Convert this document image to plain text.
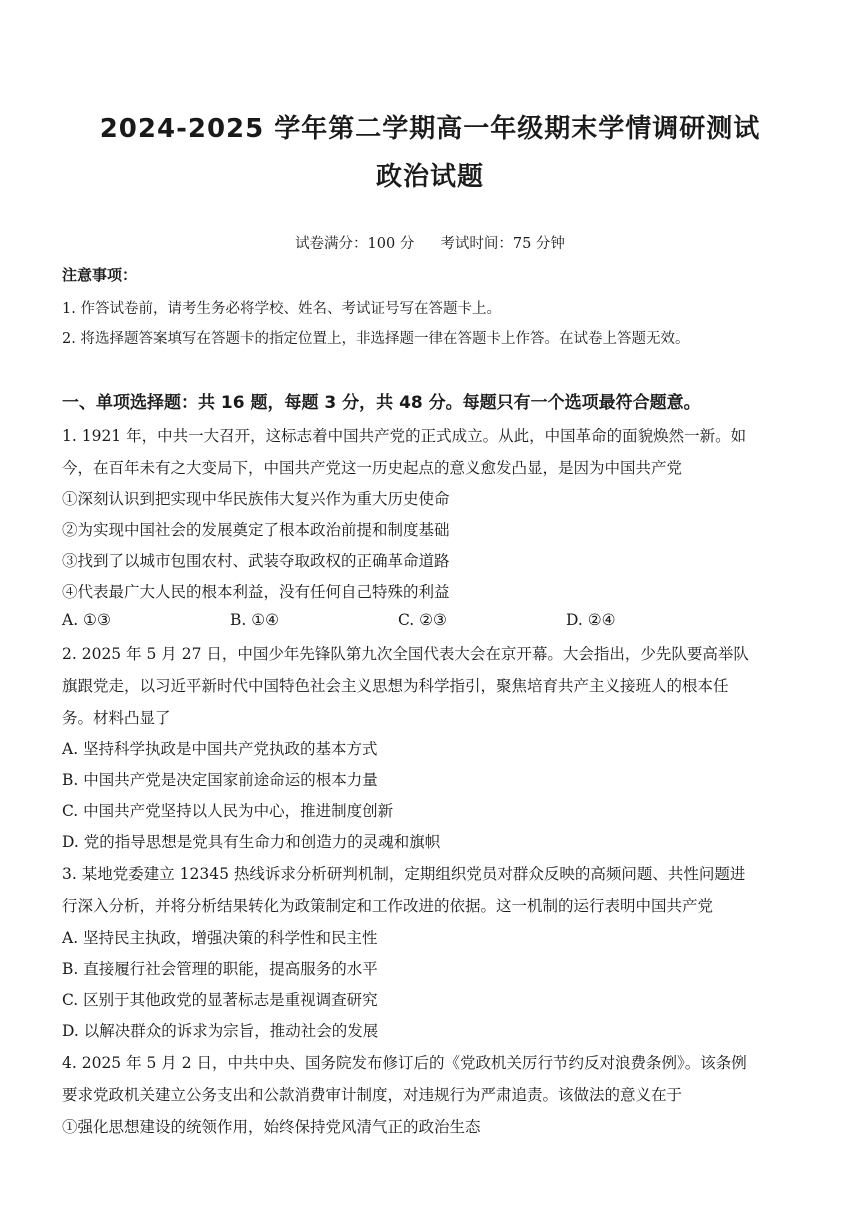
2024-2025 学年第二学期高一年级期末学情调研测试
政治试题
试卷满分：100 分 考试时间：75 分钟
注意事项：
1. 作答试卷前，请考生务必将学校、姓名、考试证号写在答题卡上。
2. 将选择题答案填写在答题卡的指定位置上，非选择题一律在答题卡上作答。在试卷上答题无效。
一、单项选择题：共 16 题，每题 3 分，共 48 分。每题只有一个选项最符合题意。
1. 1921 年，中共一大召开，这标志着中国共产党的正式成立。从此，中国革命的面貌焕然一新。如
今，在百年未有之大变局下，中国共产党这一历史起点的意义愈发凸显，是因为中国共产党
①深刻认识到把实现中华民族伟大复兴作为重大历史使命
②为实现中国社会的发展奠定了根本政治前提和制度基础
③找到了以城市包围农村、武装夺取政权的正确革命道路
④代表最广大人民的根本利益，没有任何自己特殊的利益
A. ①③	B. ①④	C. ②③	D. ②④
2. 2025 年 5 月 27 日，中国少年先锋队第九次全国代表大会在京开幕。大会指出，少先队要高举队
旗跟党走，以习近平新时代中国特色社会主义思想为科学指引，聚焦培育共产主义接班人的根本任
务。材料凸显了
A. 坚持科学执政是中国共产党执政的基本方式
B. 中国共产党是决定国家前途命运的根本力量
C. 中国共产党坚持以人民为中心，推进制度创新
D. 党的指导思想是党具有生命力和创造力的灵魂和旗帜
3. 某地党委建立 12345 热线诉求分析研判机制，定期组织党员对群众反映的高频问题、共性问题进
行深入分析，并将分析结果转化为政策制定和工作改进的依据。这一机制的运行表明中国共产党
A. 坚持民主执政，增强决策的科学性和民主性
B. 直接履行社会管理的职能，提高服务的水平
C. 区别于其他政党的显著标志是重视调查研究
D. 以解决群众的诉求为宗旨，推动社会的发展
4. 2025 年 5 月 2 日，中共中央、国务院发布修订后的《党政机关厉行节约反对浪费条例》。该条例
要求党政机关建立公务支出和公款消费审计制度，对违规行为严肃追责。该做法的意义在于
①强化思想建设的统领作用，始终保持党风清气正的政治生态
